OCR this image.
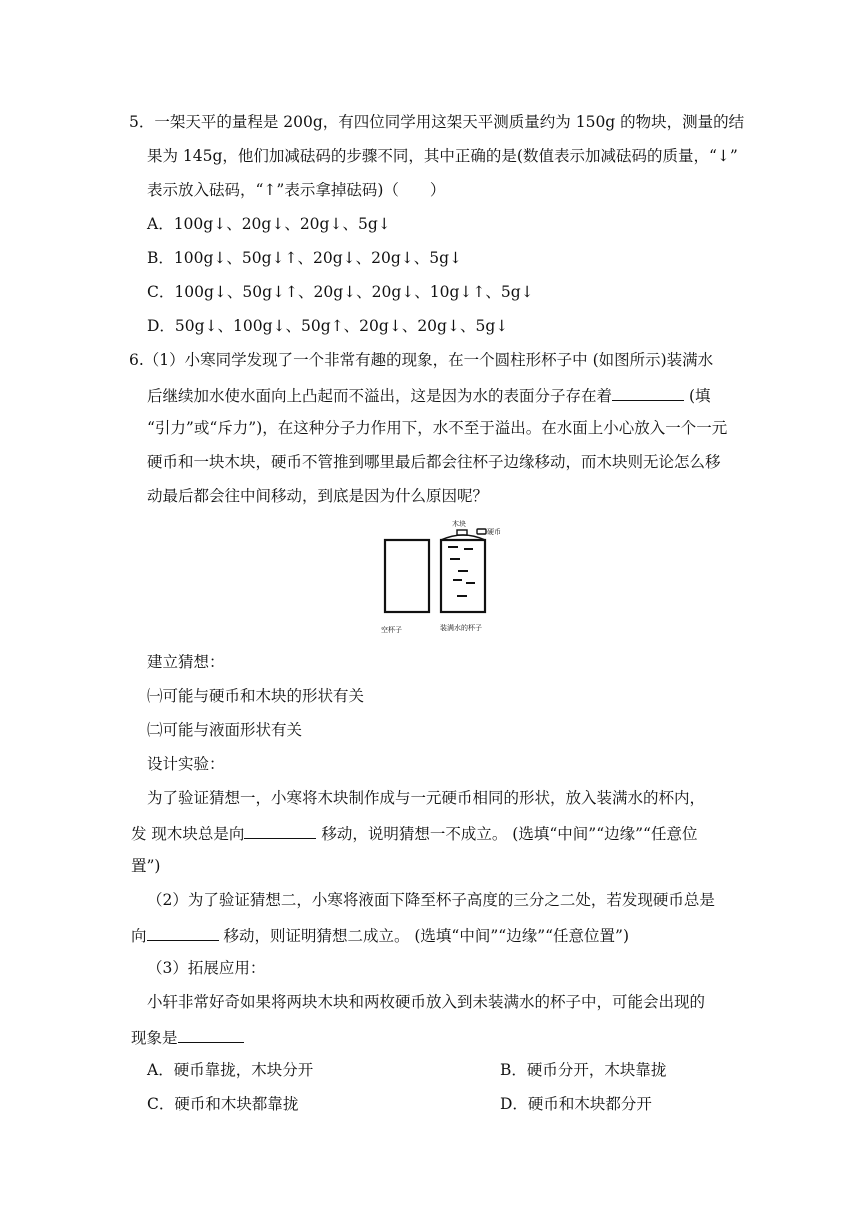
5．一架天平的量程是 200g，有四位同学用这架天平测质量约为 150g 的物块，测量的结
果为 145g，他们加减砝码的步骤不同，其中正确的是(数值表示加减砝码的质量，“↓”
表示放入砝码，“↑”表示拿掉砝码)（　　）
A．100g↓、20g↓、20g↓、5g↓
B．100g↓、50g↓↑、20g↓、20g↓、5g↓
C．100g↓、50g↓↑、20g↓、20g↓、10g↓↑、5g↓
D．50g↓、100g↓、50g↑、20g↓、20g↓、5g↓
6.（1）小寒同学发现了一个非常有趣的现象，在一个圆柱形杯子中 (如图所示)装满水
后继续加水使水面向上凸起而不溢出，这是因为水的表面分子存在着	(填
“引力”或“斥力”)，在这种分子力作用下，水不至于溢出。在水面上小心放入一个一元
硬币和一块木块，硬币不管推到哪里最后都会往杯子边缘移动，而木块则无论怎么移
动最后都会往中间移动，到底是因为什么原因呢？
木块
硬币
空杯子	装满水的杯子
建立猜想：
㈠可能与硬币和木块的形状有关
㈡可能与液面形状有关
设计实验：
为了验证猜想一，小寒将木块制作成与一元硬币相同的形状，放入装满水的杯内，
发 现木块总是向	移动，说明猜想一不成立。 (选填“中间”“边缘”“任意位
置”)
（2）为了验证猜想二，小寒将液面下降至杯子高度的三分之二处，若发现硬币总是
向	移动，则证明猜想二成立。 (选填“中间”“边缘”“任意位置”)
（3）拓展应用：
小轩非常好奇如果将两块木块和两枚硬币放入到未装满水的杯子中，可能会出现的
现象是
A．硬币靠拢，木块分开	B．硬币分开，木块靠拢
C．硬币和木块都靠拢	D．硬币和木块都分开
